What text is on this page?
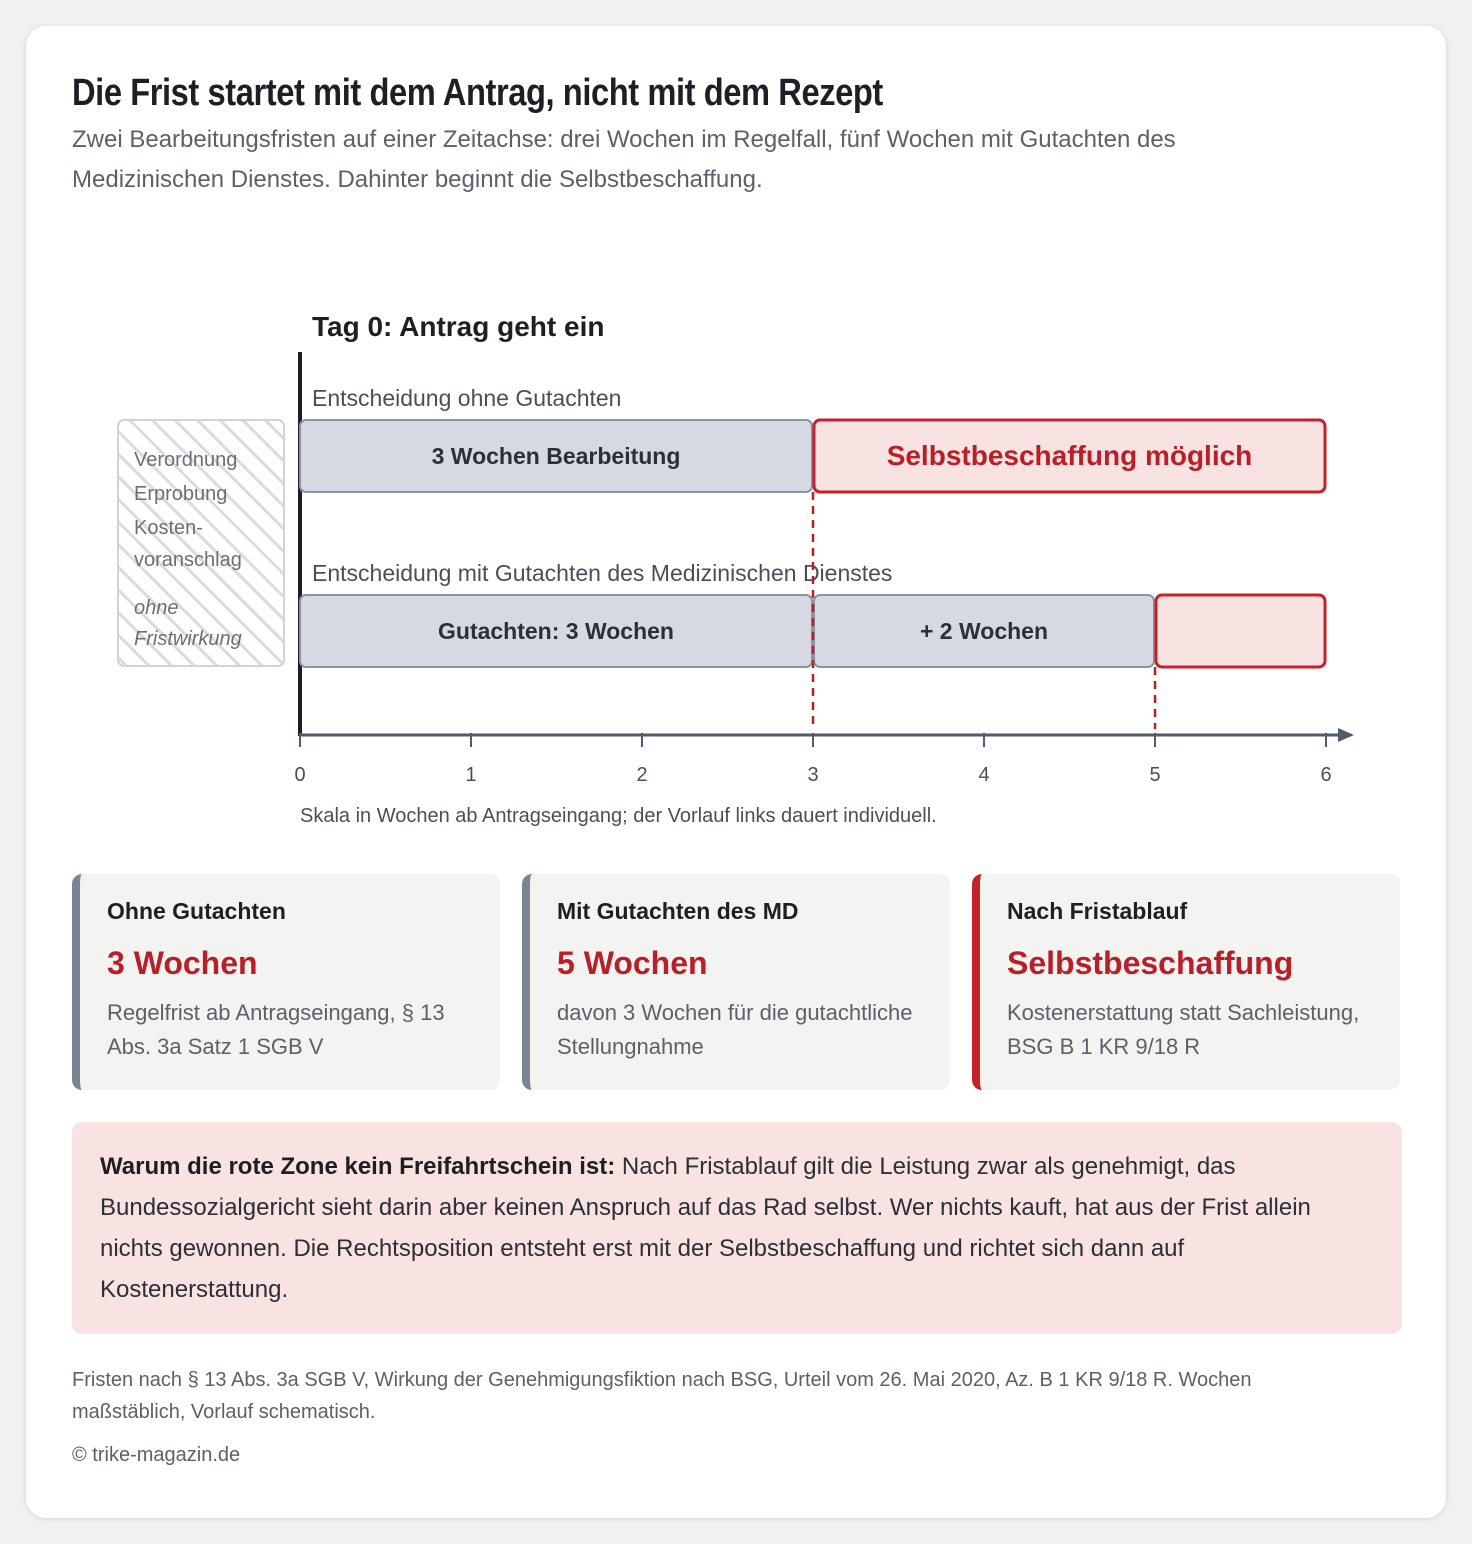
Die Frist startet mit dem Antrag, nicht mit dem Rezept
Zwei Bearbeitungsfristen auf einer Zeitachse: drei Wochen im Regelfall, fünf Wochen mit Gutachten des Medizinischen Dienstes. Dahinter beginnt die Selbstbeschaffung.
Verordnung
Erprobung
Kosten-
voranschlag
ohne
Fristwirkung
Tag 0: Antrag geht ein
Entscheidung ohne Gutachten
Entscheidung mit Gutachten des Medizinischen Dienstes
3 Wochen Bearbeitung	Selbstbeschaffung möglich
Gutachten: 3 Wochen	+ 2 Wochen
0	1	2	3	4	5	6
Skala in Wochen ab Antragseingang; der Vorlauf links dauert individuell.
Ohne Gutachten
3 Wochen
Regelfrist ab Antragseingang, § 13 Abs. 3a Satz 1 SGB V
Mit Gutachten des MD
5 Wochen
davon 3 Wochen für die gutachtliche Stellungnahme
Nach Fristablauf
Selbstbeschaffung
Kostenerstattung statt Sachleistung, BSG B 1 KR 9/18 R
Warum die rote Zone kein Freifahrtschein ist: Nach Fristablauf gilt die Leistung zwar als genehmigt, das Bundessozialgericht sieht darin aber keinen Anspruch auf das Rad selbst. Wer nichts kauft, hat aus der Frist allein nichts gewonnen. Die Rechtsposition entsteht erst mit der Selbstbeschaffung und richtet sich dann auf Kostenerstattung.
Fristen nach § 13 Abs. 3a SGB V, Wirkung der Genehmigungsfiktion nach BSG, Urteil vom 26. Mai 2020, Az. B 1 KR 9/18 R. Wochen maßstäblich, Vorlauf schematisch.
© trike-magazin.de
